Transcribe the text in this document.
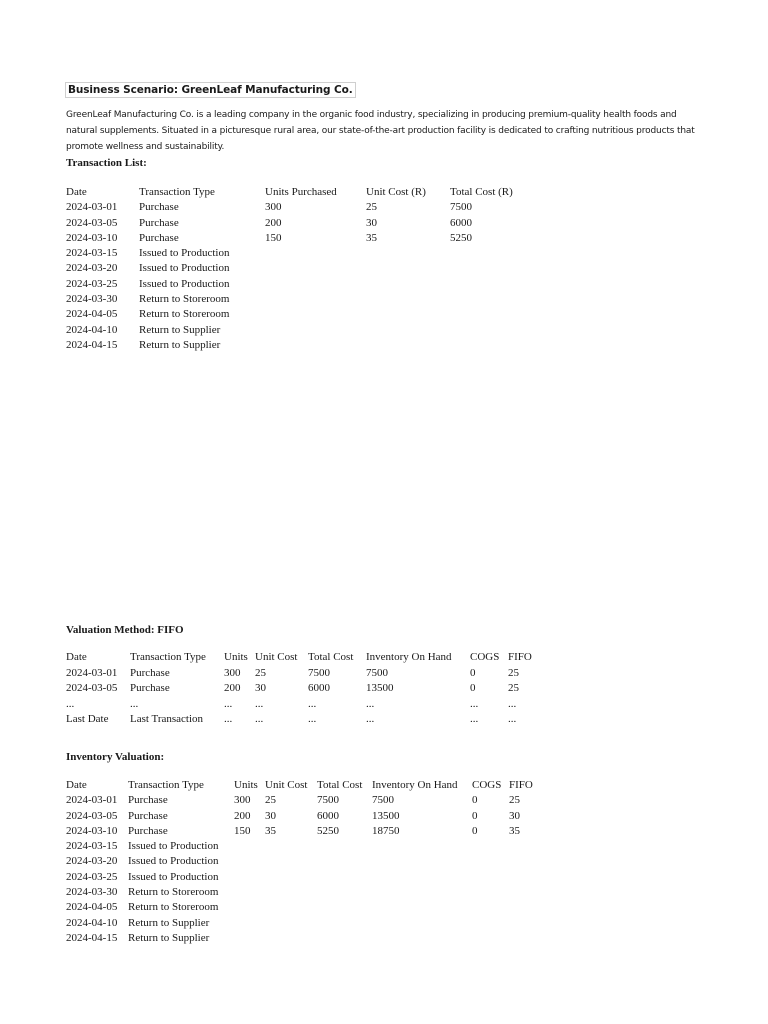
Business Scenario: GreenLeaf Manufacturing Co.
GreenLeaf Manufacturing Co. is a leading company in the organic food industry, specializing in producing premium-quality health foods and natural supplements. Situated in a picturesque rural area, our state-of-the-art production facility is dedicated to crafting nutritious products that promote wellness and sustainability.
Transaction List:
Date	Transaction Type	Units Purchased	Unit Cost (R)	Total Cost (R)
2024-03-01	Purchase	300	25	7500
2024-03-05	Purchase	200	30	6000
2024-03-10	Purchase	150	35	5250
2024-03-15	Issued to Production			
2024-03-20	Issued to Production			
2024-03-25	Issued to Production			
2024-03-30	Return to Storeroom			
2024-04-05	Return to Storeroom			
2024-04-10	Return to Supplier			
2024-04-15	Return to Supplier			
Valuation Method: FIFO
Date	Transaction Type	Units	Unit Cost	Total Cost	Inventory On Hand	COGS	FIFO
2024-03-01	Purchase	300	25	7500	7500	0	25
2024-03-05	Purchase	200	30	6000	13500	0	25
...	...	...	...	...	...	...	...
Last Date	Last Transaction	...	...	...	...	...	...
Inventory Valuation:
Date	Transaction Type	Units	Unit Cost	Total Cost	Inventory On Hand	COGS	FIFO
2024-03-01	Purchase	300	25	7500	7500	0	25
2024-03-05	Purchase	200	30	6000	13500	0	30
2024-03-10	Purchase	150	35	5250	18750	0	35
2024-03-15	Issued to Production						
2024-03-20	Issued to Production						
2024-03-25	Issued to Production						
2024-03-30	Return to Storeroom						
2024-04-05	Return to Storeroom						
2024-04-10	Return to Supplier						
2024-04-15	Return to Supplier						
